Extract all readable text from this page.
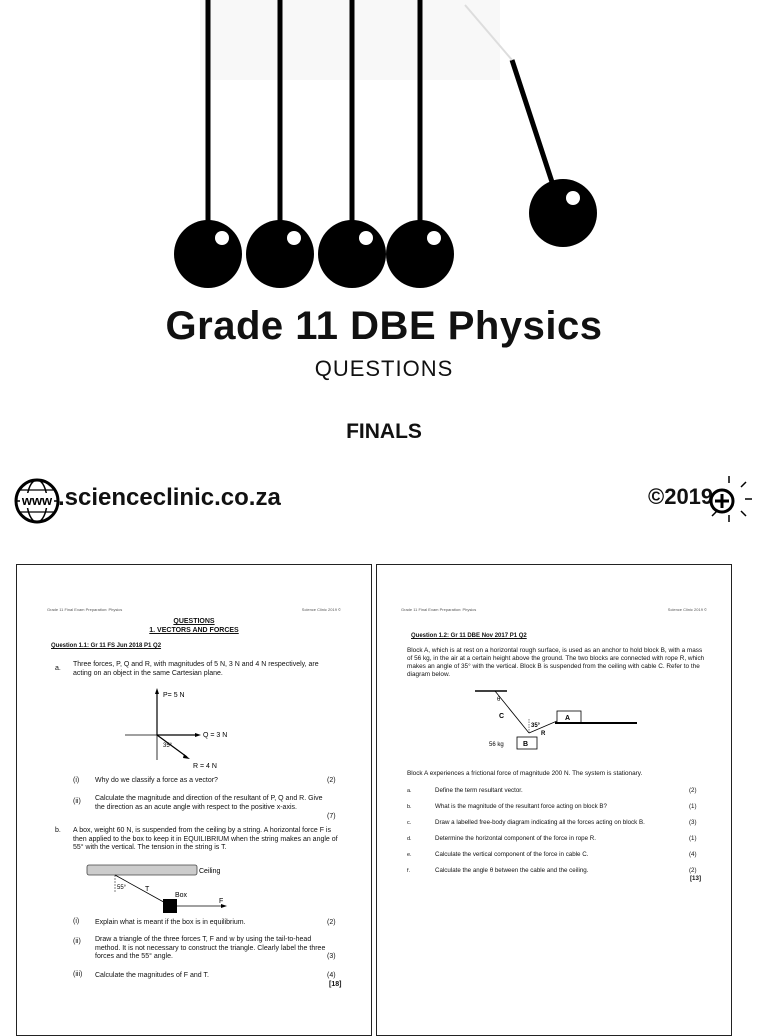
Grade 11 DBE Physics
QUESTIONS
FINALS
www .scienceclinic.co.za	©2019
Grade 11 Final Exam Preparation: Physics	Science Clinic 2019 ©
QUESTIONS
1. VECTORS AND FORCES
Question 1.1: Gr 11 FS Jun 2018 P1 Q2
a.
Three forces, P, Q and R, with magnitudes of 5 N, 3 N and 4 N respectively, are acting on an object in the same Cartesian plane.
P= 5 N
Q = 3 N
R = 4 N
35°
(i) Why do we classify a force as a vector?	(2)
(ii) Calculate the magnitude and direction of the resultant of P, Q and R. Give the direction as an acute angle with respect to the positive x-axis.
(7)
b. A box, weight 60 N, is suspended from the ceiling by a string. A horizontal force F is then applied to the box to keep it in EQUILIBRIUM when the string makes an angle of 55° with the vertical. The tension in the string is T.
Ceiling
55°	T
Box
F
(i) Explain what is meant if the box is in equilibrium.	(2)
(ii) Draw a triangle of the three forces T, F and w by using the tail-to-head method. It is not necessary to construct the triangle. Clearly label the three forces and the 55° angle.	(3)
(iii) Calculate the magnitudes of F and T.	(4)
[18]
Grade 11 Final Exam Preparation: Physics	Science Clinic 2019 ©
Question 1.2: Gr 11 DBE Nov 2017 P1 Q2
Block A, which is at rest on a horizontal rough surface, is used as an anchor to hold block B, with a mass of 56 kg, in the air at a certain height above the ground. The two blocks are connected with rope R, which makes an angle of 35° with the vertical. Block B is suspended from the ceiling with cable C. Refer to the diagram below.
θ
C
35°
R
A
B
56 kg
Block A experiences a frictional force of magnitude 200 N. The system is stationary.
a.	Define the term resultant vector.	(2)
b.	What is the magnitude of the resultant force acting on block B?	(1)
c.	Draw a labelled free-body diagram indicating all the forces acting on block B.	(3)
d.	Determine the horizontal component of the force in rope R.	(1)
e.	Calculate the vertical component of the force in cable C.	(4)
f.	Calculate the angle θ between the cable and the ceiling.	(2)
[13]
